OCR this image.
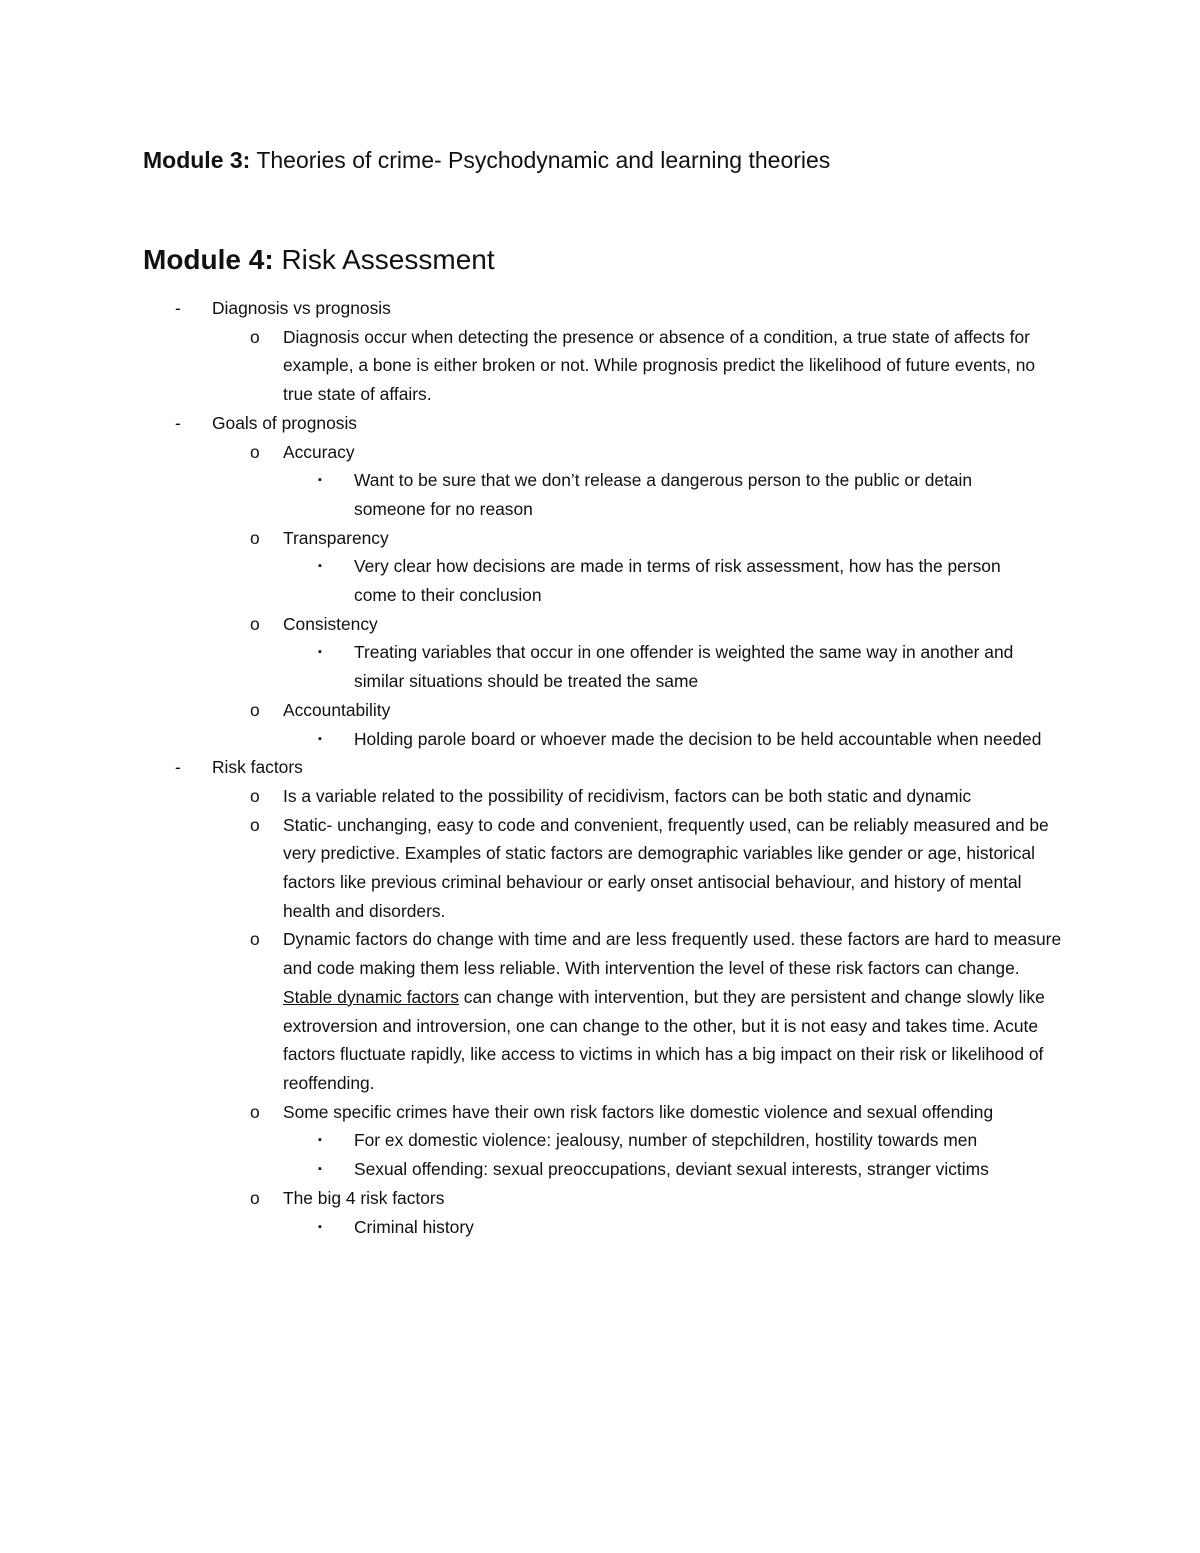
Module 3: Theories of crime- Psychodynamic and learning theories
Module 4: Risk Assessment
- Diagnosis vs prognosis
o Diagnosis occur when detecting the presence or absence of a condition, a true state of affects for example, a bone is either broken or not. While prognosis predict the likelihood of future events, no true state of affairs.
- Goals of prognosis
o Accuracy
▪ Want to be sure that we don’t release a dangerous person to the public or detain someone for no reason
o Transparency
▪ Very clear how decisions are made in terms of risk assessment, how has the person come to their conclusion
o Consistency
▪ Treating variables that occur in one offender is weighted the same way in another and similar situations should be treated the same
o Accountability
▪ Holding parole board or whoever made the decision to be held accountable when needed
- Risk factors
o Is a variable related to the possibility of recidivism, factors can be both static and dynamic
o Static- unchanging, easy to code and convenient, frequently used, can be reliably measured and be very predictive. Examples of static factors are demographic variables like gender or age, historical factors like previous criminal behaviour or early onset antisocial behaviour, and history of mental health and disorders.
o Dynamic factors do change with time and are less frequently used. these factors are hard to measure and code making them less reliable. With intervention the level of these risk factors can change. Stable dynamic factors can change with intervention, but they are persistent and change slowly like extroversion and introversion, one can change to the other, but it is not easy and takes time. Acute factors fluctuate rapidly, like access to victims in which has a big impact on their risk or likelihood of reoffending.
o Some specific crimes have their own risk factors like domestic violence and sexual offending
▪ For ex domestic violence: jealousy, number of stepchildren, hostility towards men
▪ Sexual offending: sexual preoccupations, deviant sexual interests, stranger victims
o The big 4 risk factors
▪ Criminal history
